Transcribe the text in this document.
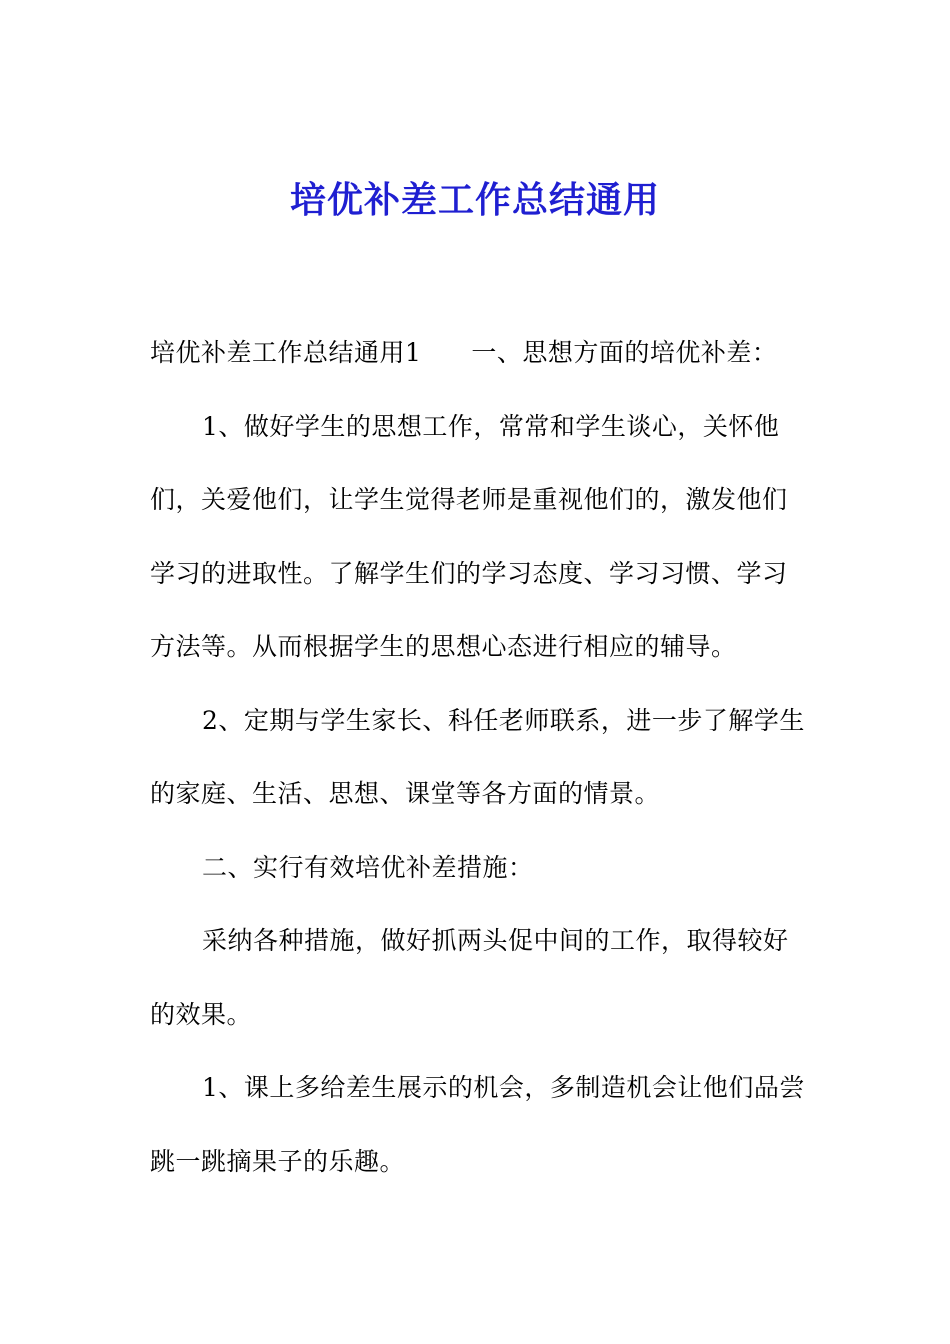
培优补差工作总结通用

培优补差工作总结通用1 一、思想方面的培优补差：

1、做好学生的思想工作，常常和学生谈心，关怀他们，关爱他们，让学生觉得老师是重视他们的，激发他们学习的进取性。了解学生们的学习态度、学习习惯、学习方法等。从而根据学生的思想心态进行相应的辅导。

2、定期与学生家长、科任老师联系，进一步了解学生的家庭、生活、思想、课堂等各方面的情景。

二、实行有效培优补差措施：

采纳各种措施，做好抓两头促中间的工作，取得较好的效果。

1、课上多给差生展示的机会，多制造机会让他们品尝跳一跳摘果子的乐趣。
